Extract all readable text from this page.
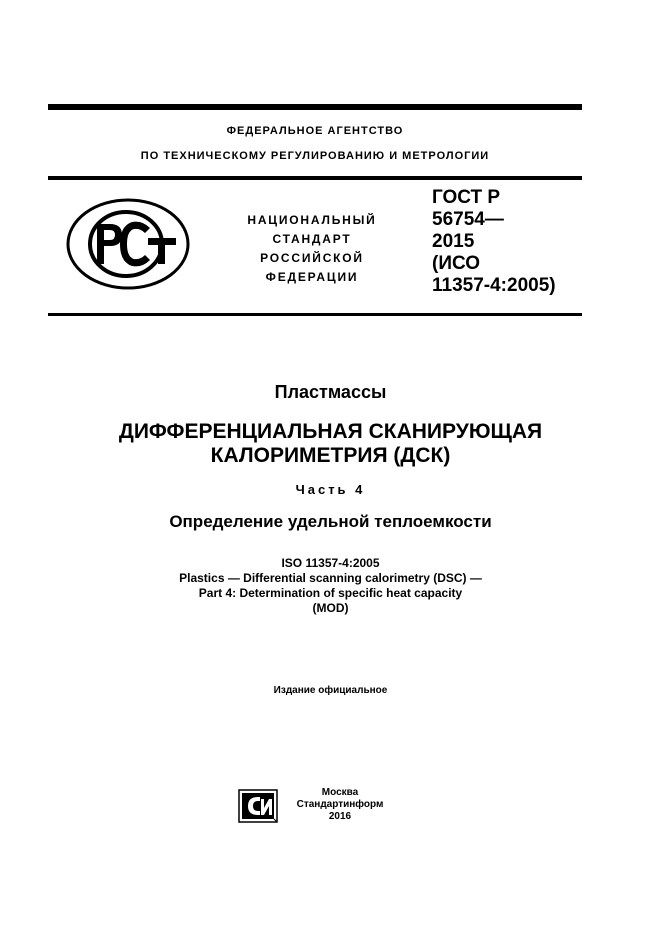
ФЕДЕРАЛЬНОЕ АГЕНТСТВО
ПО ТЕХНИЧЕСКОМУ РЕГУЛИРОВАНИЮ И МЕТРОЛОГИИ
НАЦИОНАЛЬНЫЙ
СТАНДАРТ
РОССИЙСКОЙ
ФЕДЕРАЦИИ
ГОСТ Р
56754—
2015
(ИСО
11357-4:2005)
Пластмассы
ДИФФЕРЕНЦИАЛЬНАЯ СКАНИРУЮЩАЯ
КАЛОРИМЕТРИЯ (ДСК)
Часть 4
Определение удельной теплоемкости
ISO 11357-4:2005
Plastics — Differential scanning calorimetry (DSC) —
Part 4: Determination of specific heat capacity
(MOD)
Издание официальное
Москва
Стандартинформ
2016
